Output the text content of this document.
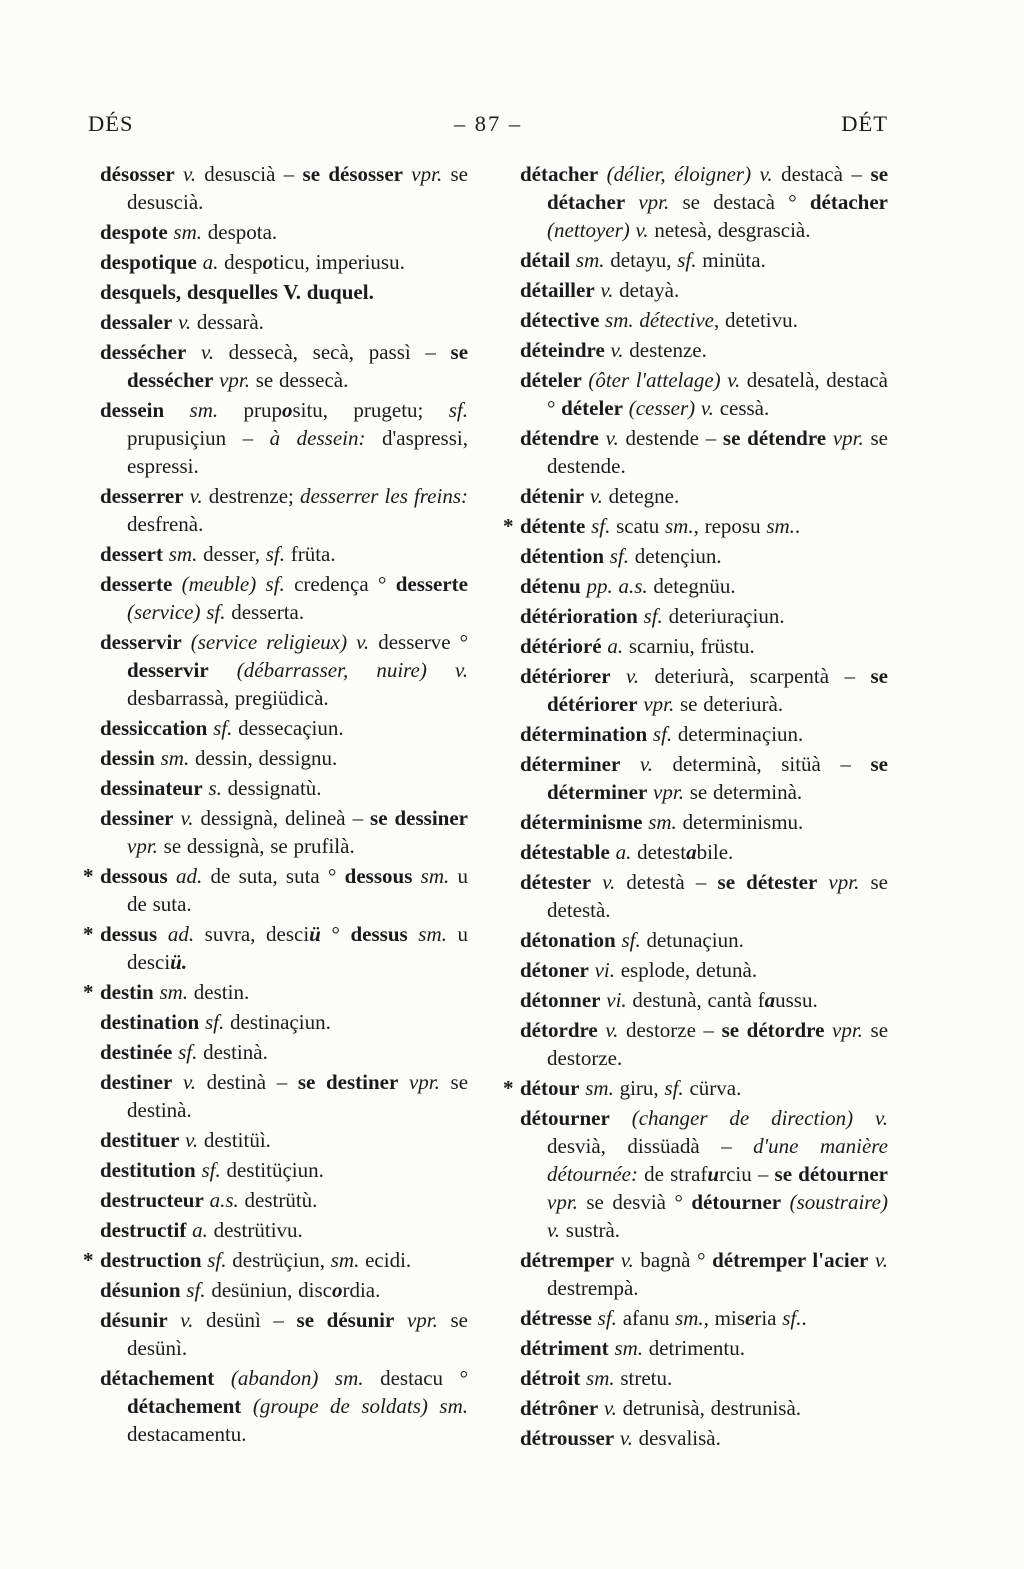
DÉS	– 87 –	DÉT

désosser v. desuscià – se désosser vpr. se desuscià.

despote sm. despota.

despotique a. despoticu, imperiusu.

desquels, desquelles V. duquel.

dessaler v. dessarà.

dessécher v. dessecà, secà, passì – se dessécher vpr. se dessecà.

dessein sm. prupositu, prugetu; sf. prupusiçiun – à dessein: d'aspressi, espressi.

desserrer v. destrenze; desserrer les freins: desfrenà.

dessert sm. desser, sf. früta.

desserte (meuble) sf. credença ° desserte (service) sf. desserta.

desservir (service religieux) v. desserve ° desservir (débarrasser, nuire) v. desbarrassà, pregiüdicà.

dessiccation sf. dessecaçiun.

dessin sm. dessin, dessignu.

dessinateur s. dessignatù.

dessiner v. dessignà, delineà – se dessiner vpr. se dessignà, se prufilà.

* dessous ad. de suta, suta ° dessous sm. u de suta.

* dessus ad. suvra, desciü ° dessus sm. u desciü.

* destin sm. destin.

destination sf. destinaçiun.

destinée sf. destinà.

destiner v. destinà – se destiner vpr. se destinà.

destituer v. destitüì.

destitution sf. destitüçiun.

destructeur a.s. destrütù.

destructif a. destrütivu.

* destruction sf. destrüçiun, sm. ecidi.

désunion sf. desüniun, discordia.

désunir v. desünì – se désunir vpr. se desünì.

détachement (abandon) sm. destacu ° détachement (groupe de soldats) sm. destacamentu.

détacher (délier, éloigner) v. destacà – se détacher vpr. se destacà ° détacher (nettoyer) v. netesà, desgrascià.

détail sm. detayu, sf. minüta.

détailler v. detayà.

détective sm. détective, detetivu.

déteindre v. destenze.

dételer (ôter l'attelage) v. desatelà, destacà ° dételer (cesser) v. cessà.

détendre v. destende – se détendre vpr. se destende.

détenir v. detegne.

* détente sf. scatu sm., reposu sm..

détention sf. detençiun.

détenu pp. a.s. detegnüu.

détérioration sf. deteriuraçiun.

détérioré a. scarniu, früstu.

détériorer v. deteriurà, scarpentà – se détériorer vpr. se deteriurà.

détermination sf. determinaçiun.

déterminer v. determinà, sitüà – se déterminer vpr. se determinà.

déterminisme sm. determinismu.

détestable a. detestabile.

détester v. detestà – se détester vpr. se detestà.

détonation sf. detunaçiun.

détoner vi. esplode, detunà.

détonner vi. destunà, cantà faussu.

détordre v. destorze – se détordre vpr. se destorze.

* détour sm. giru, sf. cürva.

détourner (changer de direction) v. desvià, dissüadà – d'une manière détournée: de strafurciu – se détourner vpr. se desvià ° détourner (soustraire) v. sustrà.

détremper v. bagnà ° détremper l'acier v. destrempà.

détresse sf. afanu sm., miseria sf..

détriment sm. detrimentu.

détroit sm. stretu.

détrôner v. detrunisà, destrunisà.

détrousser v. desvalisà.
